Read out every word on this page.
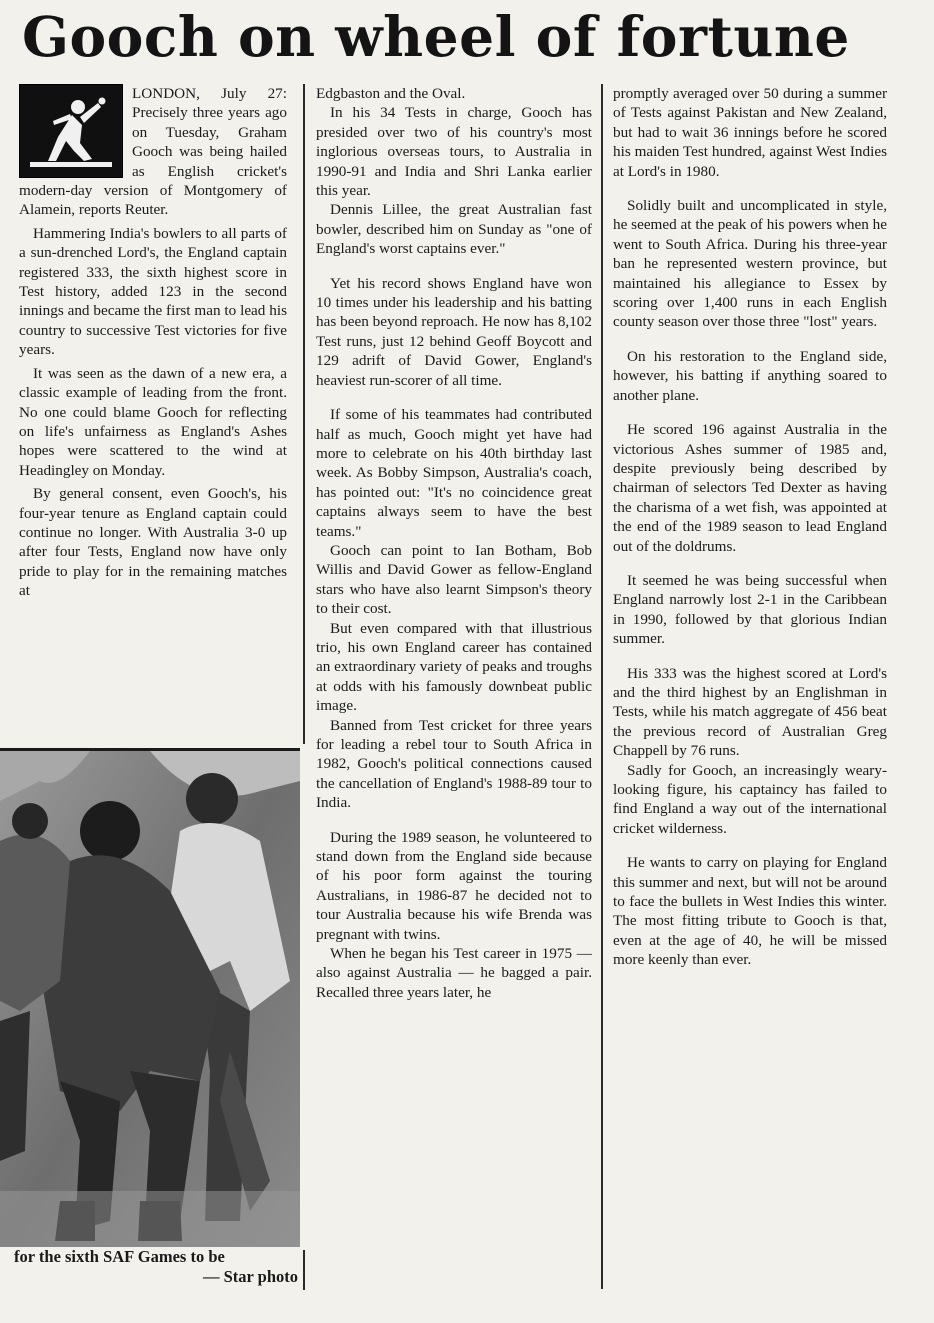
Gooch on wheel of fortune

LONDON, July 27: Precisely three years ago on Tuesday, Graham Gooch was being hailed as English cricket's modern-day version of Montgomery of Alamein, reports Reuter.

Hammering India's bowlers to all parts of a sun-drenched Lord's, the England captain registered 333, the sixth highest score in Test history, added 123 in the second innings and became the first man to lead his country to successive Test victories for five years.

It was seen as the dawn of a new era, a classic example of leading from the front. No one could blame Gooch for reflecting on life's unfairness as England's Ashes hopes were scattered to the wind at Headingley on Monday.

By general consent, even Gooch's, his four-year tenure as England captain could continue no longer. With Australia 3-0 up after four Tests, England now have only pride to play for in the remaining matches at

for the sixth SAF Games to be
— Star photo

Edgbaston and the Oval.

In his 34 Tests in charge, Gooch has presided over two of his country's most inglorious overseas tours, to Australia in 1990-91 and India and Shri Lanka earlier this year.

Dennis Lillee, the great Australian fast bowler, described him on Sunday as "one of England's worst captains ever."

Yet his record shows England have won 10 times under his leadership and his batting has been beyond reproach. He now has 8,102 Test runs, just 12 behind Geoff Boycott and 129 adrift of David Gower, England's heaviest run-scorer of all time.

If some of his teammates had contributed half as much, Gooch might yet have had more to celebrate on his 40th birthday last week. As Bobby Simpson, Australia's coach, has pointed out: "It's no coincidence great captains always seem to have the best teams."

Gooch can point to Ian Botham, Bob Willis and David Gower as fellow-England stars who have also learnt Simpson's theory to their cost.

But even compared with that illustrious trio, his own England career has contained an extraordinary variety of peaks and troughs at odds with his famously downbeat public image.

Banned from Test cricket for three years for leading a rebel tour to South Africa in 1982, Gooch's political connections caused the cancellation of England's 1988-89 tour to India.

During the 1989 season, he volunteered to stand down from the England side because of his poor form against the touring Australians, in 1986-87 he decided not to tour Australia because his wife Brenda was pregnant with twins.

When he began his Test career in 1975 — also against Australia — he bagged a pair. Recalled three years later, he

promptly averaged over 50 during a summer of Tests against Pakistan and New Zealand, but had to wait 36 innings before he scored his maiden Test hundred, against West Indies at Lord's in 1980.

Solidly built and uncomplicated in style, he seemed at the peak of his powers when he went to South Africa. During his three-year ban he represented western province, but maintained his allegiance to Essex by scoring over 1,400 runs in each English county season over those three "lost" years.

On his restoration to the England side, however, his batting if anything soared to another plane.

He scored 196 against Australia in the victorious Ashes summer of 1985 and, despite previously being described by chairman of selectors Ted Dexter as having the charisma of a wet fish, was appointed at the end of the 1989 season to lead England out of the doldrums.

It seemed he was being successful when England narrowly lost 2-1 in the Caribbean in 1990, followed by that glorious Indian summer.

His 333 was the highest scored at Lord's and the third highest by an Englishman in Tests, while his match aggregate of 456 beat the previous record of Australian Greg Chappell by 76 runs.

Sadly for Gooch, an increasingly weary-looking figure, his captaincy has failed to find England a way out of the international cricket wilderness.

He wants to carry on playing for England this summer and next, but will not be around to face the bullets in West Indies this winter. The most fitting tribute to Gooch is that, even at the age of 40, he will be missed more keenly than ever.
